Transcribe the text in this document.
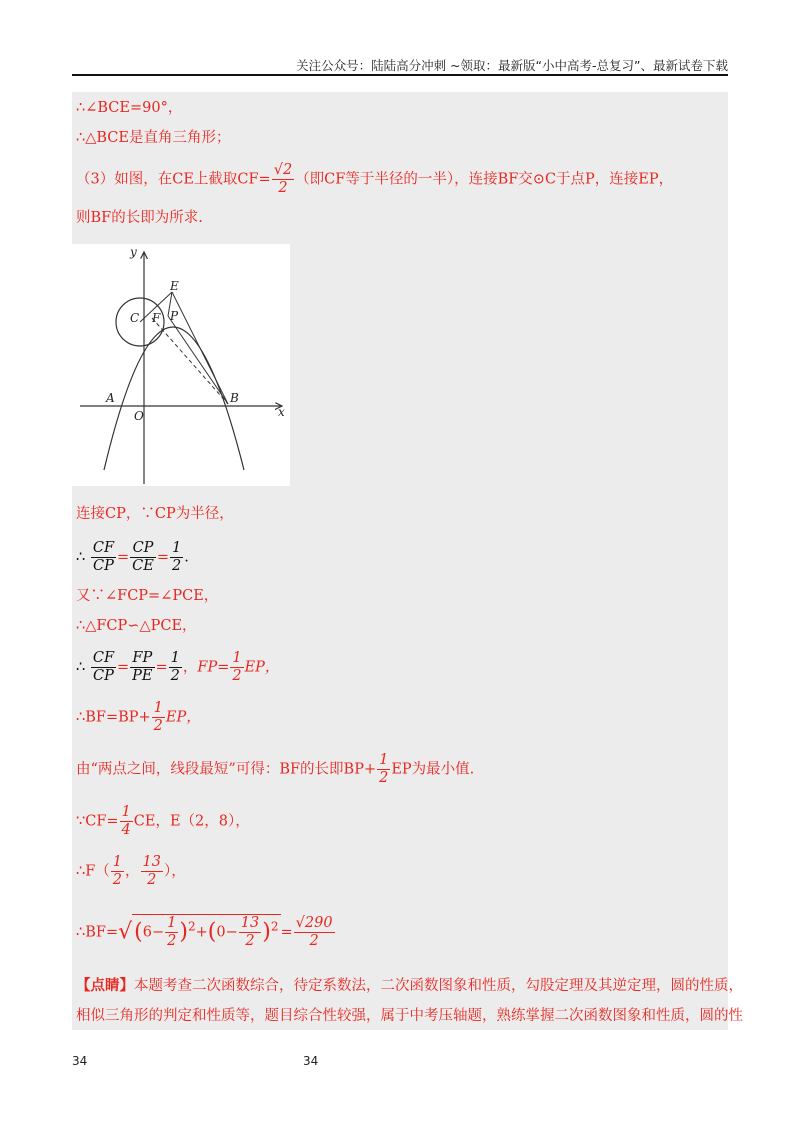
关注公众号：陆陆高分冲刺 ~领取：最新版“小中高考-总复习”、最新试卷下载
∴∠BCE=90°，
∴△BCE是直角三角形；
（3）如图，在CE上截取$CF= \frac{√2}{2}$ （即CF等于半径的一半），连接BF交⊙C于点P，连接EP，
则BF的长即为所求.
y
x
C F P
E
A
O
B
连接CP，∵CP为半径，
∴ $\frac{CF}{CP} = \frac{CP}{CE} = \frac{1}{2}$ .
又∵∠FCP=∠PCE，
∴△FCP∽△PCE，
∴ $\frac{CF}{CP} = \frac{FP}{PE} = \frac{1}{2}$ ，$FP= \frac{1}{2}$ EP，
∴BF=BP+ $\frac{1}{2}$ EP，
由“两点之间，线段最短”可得：BF的长即$BP+ \frac{1}{2}$ EP为最小值.
∵CF= $\frac{1}{4}$ CE，E（2，8），
∴F（ $\frac{1}{2}$ ， $\frac{13}{2}$ ），
∴BF=√(6− $\frac{1}{2} )^2+(0- \frac{13}{2} )^2 = \frac{√290}{2}$
【点睛】本题考查二次函数综合，待定系数法，二次函数图象和性质，勾股定理及其逆定理，圆的性质，
相似三角形的判定和性质等，题目综合性较强，属于中考压轴题，熟练掌握二次函数图象和性质，圆的性
34	34
